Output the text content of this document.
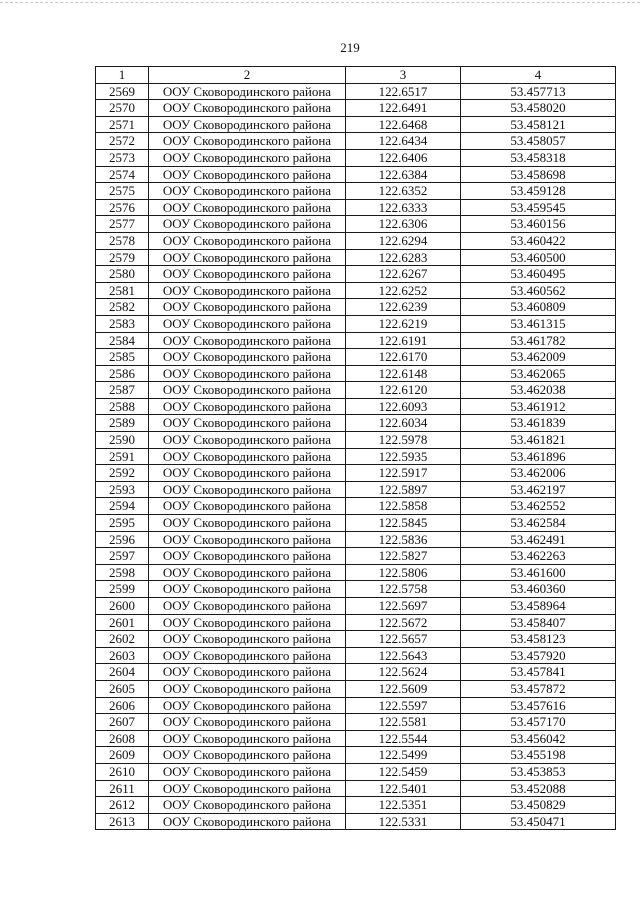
219
1	2	3	4
2569	ООУ Сковородинского района	122.6517	53.457713
2570	ООУ Сковородинского района	122.6491	53.458020
2571	ООУ Сковородинского района	122.6468	53.458121
2572	ООУ Сковородинского района	122.6434	53.458057
2573	ООУ Сковородинского района	122.6406	53.458318
2574	ООУ Сковородинского района	122.6384	53.458698
2575	ООУ Сковородинского района	122.6352	53.459128
2576	ООУ Сковородинского района	122.6333	53.459545
2577	ООУ Сковородинского района	122.6306	53.460156
2578	ООУ Сковородинского района	122.6294	53.460422
2579	ООУ Сковородинского района	122.6283	53.460500
2580	ООУ Сковородинского района	122.6267	53.460495
2581	ООУ Сковородинского района	122.6252	53.460562
2582	ООУ Сковородинского района	122.6239	53.460809
2583	ООУ Сковородинского района	122.6219	53.461315
2584	ООУ Сковородинского района	122.6191	53.461782
2585	ООУ Сковородинского района	122.6170	53.462009
2586	ООУ Сковородинского района	122.6148	53.462065
2587	ООУ Сковородинского района	122.6120	53.462038
2588	ООУ Сковородинского района	122.6093	53.461912
2589	ООУ Сковородинского района	122.6034	53.461839
2590	ООУ Сковородинского района	122.5978	53.461821
2591	ООУ Сковородинского района	122.5935	53.461896
2592	ООУ Сковородинского района	122.5917	53.462006
2593	ООУ Сковородинского района	122.5897	53.462197
2594	ООУ Сковородинского района	122.5858	53.462552
2595	ООУ Сковородинского района	122.5845	53.462584
2596	ООУ Сковородинского района	122.5836	53.462491
2597	ООУ Сковородинского района	122.5827	53.462263
2598	ООУ Сковородинского района	122.5806	53.461600
2599	ООУ Сковородинского района	122.5758	53.460360
2600	ООУ Сковородинского района	122.5697	53.458964
2601	ООУ Сковородинского района	122.5672	53.458407
2602	ООУ Сковородинского района	122.5657	53.458123
2603	ООУ Сковородинского района	122.5643	53.457920
2604	ООУ Сковородинского района	122.5624	53.457841
2605	ООУ Сковородинского района	122.5609	53.457872
2606	ООУ Сковородинского района	122.5597	53.457616
2607	ООУ Сковородинского района	122.5581	53.457170
2608	ООУ Сковородинского района	122.5544	53.456042
2609	ООУ Сковородинского района	122.5499	53.455198
2610	ООУ Сковородинского района	122.5459	53.453853
2611	ООУ Сковородинского района	122.5401	53.452088
2612	ООУ Сковородинского района	122.5351	53.450829
2613	ООУ Сковородинского района	122.5331	53.450471
